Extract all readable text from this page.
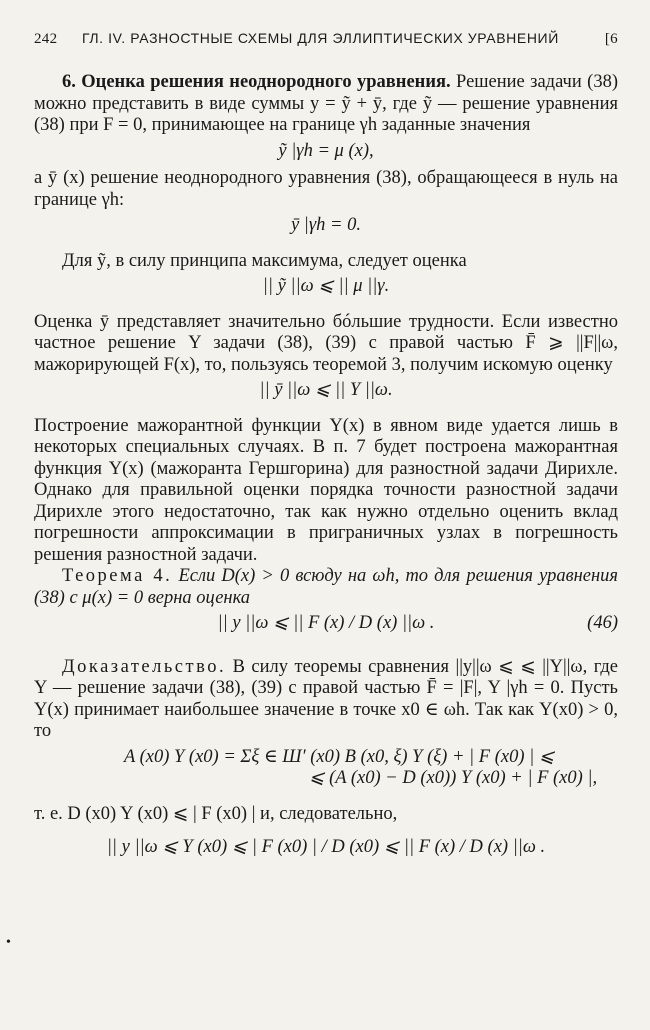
242	ГЛ. IV. РАЗНОСТНЫЕ СХЕМЫ ДЛЯ ЭЛЛИПТИЧЕСКИХ УРАВНЕНИЙ	[6

6. Оценка решения неоднородного уравнения. Решение задачи (38) можно представить в виде суммы y = ỹ + ȳ, где ỹ — решение уравнения (38) при F = 0, принимающее на границе γh заданные значения

ỹ |γh = μ (x),

а ȳ (x) решение неоднородного уравнения (38), обращающееся в нуль на границе γh:

ȳ |γh = 0.

Для ỹ, в силу принципа максимума, следует оценка

|| ỹ ||ω ⩽ || μ ||γ.

Оценка ȳ представляет значительно бóльшие трудности. Если известно частное решение Y задачи (38), (39) с правой частью F̄ ⩾ ||F||ω, мажорирующей F(x), то, пользуясь теоремой 3, получим искомую оценку

|| ȳ ||ω ⩽ || Y ||ω.

Построение мажорантной функции Y(x) в явном виде удается лишь в некоторых специальных случаях. В п. 7 будет построена мажорантная функция Y(x) (мажоранта Гершгорина) для разностной задачи Дирихле. Однако для правильной оценки порядка точности разностной задачи Дирихле этого недостаточно, так как нужно отдельно оценить вклад погрешности аппроксимации в приграничных узлах в погрешность решения разностной задачи.

Теорема 4. Если D(x) > 0 всюду на ωh, то для решения уравнения (38) с μ(x) = 0 верна оценка

|| y ||ω ⩽ || F (x) / D (x) ||ω .	(46)

Доказательство. В силу теоремы сравнения ||y||ω ⩽ ⩽ ||Y||ω, где Y — решение задачи (38), (39) с правой частью F̄ = |F|, Y |γh = 0. Пусть Y(x) принимает наибольшее значение в точке x0 ∈ ωh. Так как Y(x0) > 0, то

A (x0) Y (x0) = Σξ ∈ Ш′ (x0) B (x0, ξ) Y (ξ) + | F (x0) | ⩽
⩽ (A (x0) − D (x0)) Y (x0) + | F (x0) |,

т. е. D (x0) Y (x0) ⩽ | F (x0) | и, следовательно,

|| y ||ω ⩽ Y (x0) ⩽ | F (x0) | / D (x0) ⩽ || F (x) / D (x) ||ω .
•
